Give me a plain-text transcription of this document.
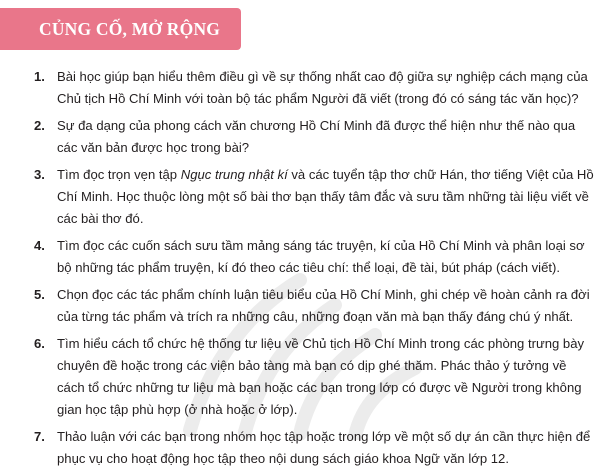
CỦNG CỐ, MỞ RỘNG
1. Bài học giúp bạn hiểu thêm điều gì về sự thống nhất cao độ giữa sự nghiệp cách mạng của Chủ tịch Hồ Chí Minh với toàn bộ tác phẩm Người đã viết (trong đó có sáng tác văn học)?
2. Sự đa dạng của phong cách văn chương Hồ Chí Minh đã được thể hiện như thế nào qua các văn bản được học trong bài?
3. Tìm đọc trọn vẹn tập Ngục trung nhật kí và các tuyển tập thơ chữ Hán, thơ tiếng Việt của Hồ Chí Minh. Học thuộc lòng một số bài thơ bạn thấy tâm đắc và sưu tầm những tài liệu viết về các bài thơ đó.
4. Tìm đọc các cuốn sách sưu tầm mảng sáng tác truyện, kí của Hồ Chí Minh và phân loại sơ bộ những tác phẩm truyện, kí đó theo các tiêu chí: thể loại, đề tài, bút pháp (cách viết).
5. Chọn đọc các tác phẩm chính luận tiêu biểu của Hồ Chí Minh, ghi chép về hoàn cảnh ra đời của từng tác phẩm và trích ra những câu, những đoạn văn mà bạn thấy đáng chú ý nhất.
6. Tìm hiểu cách tổ chức hệ thống tư liệu về Chủ tịch Hồ Chí Minh trong các phòng trưng bày chuyên đề hoặc trong các viện bảo tàng mà bạn có dịp ghé thăm. Phác thảo ý tưởng về cách tổ chức những tư liệu mà bạn hoặc các bạn trong lớp có được về Người trong không gian học tập phù hợp (ở nhà hoặc ở lớp).
7. Thảo luận với các bạn trong nhóm học tập hoặc trong lớp về một số dự án cần thực hiện để phục vụ cho hoạt động học tập theo nội dung sách giáo khoa Ngữ văn lớp 12.
